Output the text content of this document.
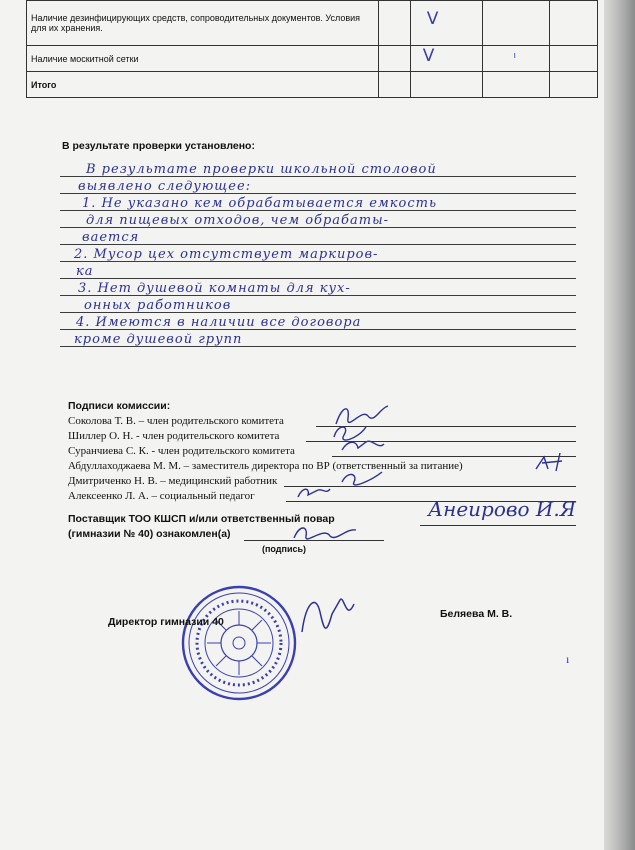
Наличие дезинфицирующих средств, сопроводительных документов. Условия для их хранения.		V		

Наличие москитной сетки		V	ı	

Итого				
В результате проверки установлено:
В результате проверки школьной столовой
выявлено следующее:
1. Не указано кем обрабатывается емкость
для пищевых отходов, чем обрабаты-
вается
2. Мусор цех отсутствует маркиров-
ка
3. Нет душевой комнаты для кух-
онных работников
4. Имеются в наличии все договора
кроме душевой групп
Подписи комиссии:
Соколова Т. В. – член родительского комитета
Шиллер О. Н. - член родительского комитета
Суранчиева С. К. - член родительского комитета
Абдуллаходжаева М. М. – заместитель директора по ВР (ответственный за питание)
Дмитриченко Н. В. – медицинский работник
Алексеенко Л. А. – социальный педагог
Поставщик ТОО КШСП и/или ответственный повар
(гимназии № 40) ознакомлен(а)
Анеирово И.Я
(подпись)
Директор гимназии 40
Беляева М. В.
ı
